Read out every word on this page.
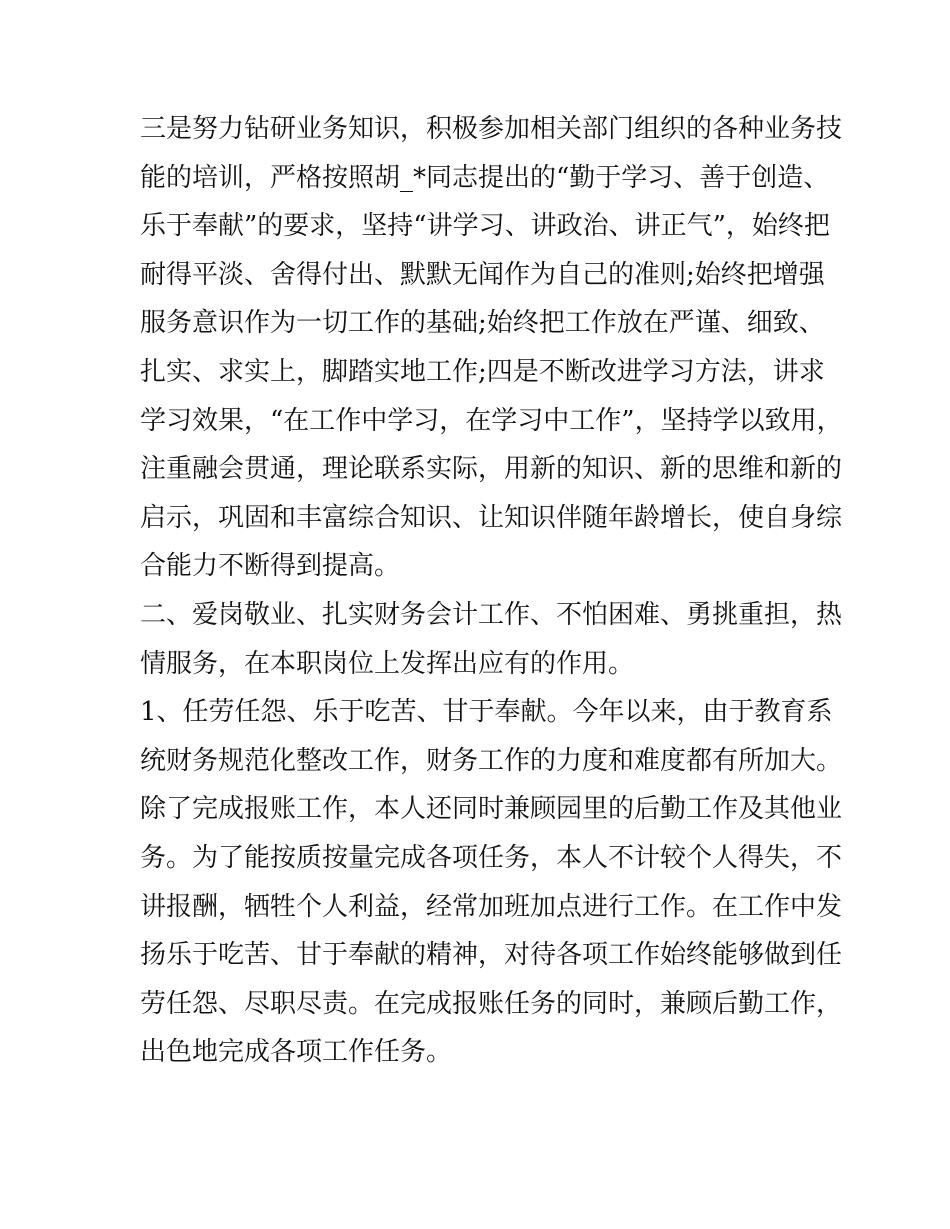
三是努力钻研业务知识，积极参加相关部门组织的各种业务技
能的培训，严格按照胡_*同志提出的“勤于学习、善于创造、
乐于奉献”的要求，坚持“讲学习、讲政治、讲正气”，始终把
耐得平淡、舍得付出、默默无闻作为自己的准则;始终把增强
服务意识作为一切工作的基础;始终把工作放在严谨、细致、
扎实、求实上，脚踏实地工作;四是不断改进学习方法，讲求
学习效果，“在工作中学习，在学习中工作”，坚持学以致用，
注重融会贯通，理论联系实际，用新的知识、新的思维和新的
启示，巩固和丰富综合知识、让知识伴随年龄增长，使自身综
合能力不断得到提高。
二、爱岗敬业、扎实财务会计工作、不怕困难、勇挑重担，热
情服务，在本职岗位上发挥出应有的作用。
1、任劳任怨、乐于吃苦、甘于奉献。今年以来，由于教育系
统财务规范化整改工作，财务工作的力度和难度都有所加大。
除了完成报账工作，本人还同时兼顾园里的后勤工作及其他业
务。为了能按质按量完成各项任务，本人不计较个人得失，不
讲报酬，牺牲个人利益，经常加班加点进行工作。在工作中发
扬乐于吃苦、甘于奉献的精神，对待各项工作始终能够做到任
劳任怨、尽职尽责。在完成报账任务的同时，兼顾后勤工作，
出色地完成各项工作任务。
